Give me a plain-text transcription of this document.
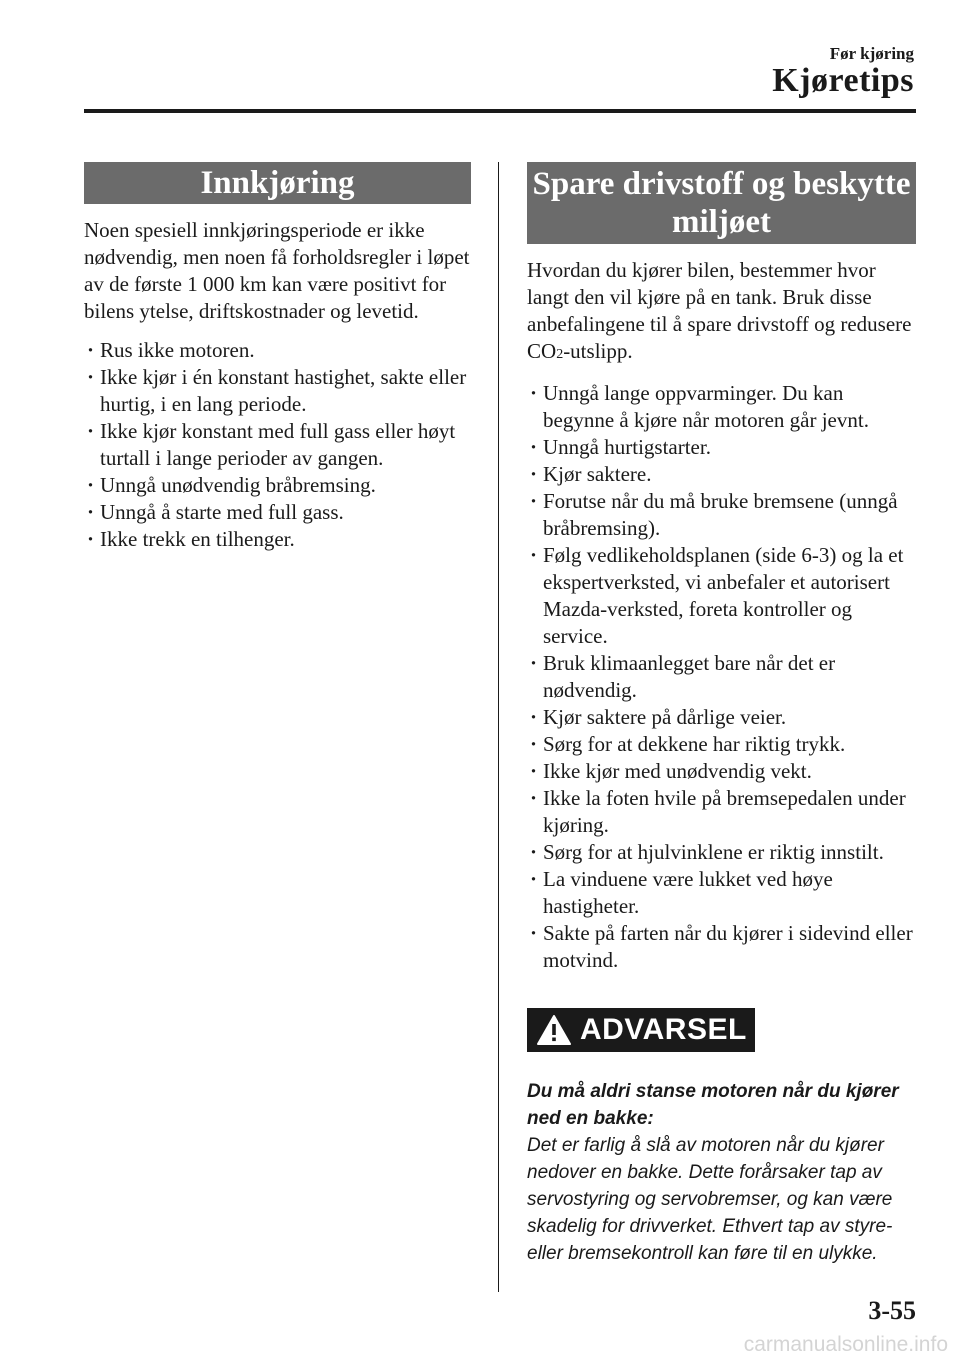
Før kjøring
Kjøretips
Innkjøring

Noen spesiell innkjøringsperiode er ikke nødvendig, men noen få forholdsregler i løpet av de første 1 000 km kan være positivt for bilens ytelse, driftskostnader og levetid.

· Rus ikke motoren.
· Ikke kjør i én konstant hastighet, sakte eller hurtig, i en lang periode.
· Ikke kjør konstant med full gass eller høyt turtall i lange perioder av gangen.
· Unngå unødvendig bråbremsing.
· Unngå å starte med full gass.
· Ikke trekk en tilhenger.
Spare drivstoff og beskytte
miljøet

Hvordan du kjører bilen, bestemmer hvor langt den vil kjøre på en tank. Bruk disse anbefalingene til å spare drivstoff og redusere CO2-utslipp.

· Unngå lange oppvarminger. Du kan begynne å kjøre når motoren går jevnt.
· Unngå hurtigstarter.
· Kjør saktere.
· Forutse når du må bruke bremsene (unngå bråbremsing).
· Følg vedlikeholdsplanen (side 6-3) og la et ekspertverksted, vi anbefaler et autorisert Mazda-verksted, foreta kontroller og service.
· Bruk klimaanlegget bare når det er nødvendig.
· Kjør saktere på dårlige veier.
· Sørg for at dekkene har riktig trykk.
· Ikke kjør med unødvendig vekt.
· Ikke la foten hvile på bremsepedalen under kjøring.
· Sørg for at hjulvinklene er riktig innstilt.
· La vinduene være lukket ved høye hastigheter.
· Sakte på farten når du kjører i sidevind eller motvind.
ADVARSEL
Du må aldri stanse motoren når du kjører ned en bakke:
Det er farlig å slå av motoren når du kjører nedover en bakke. Dette forårsaker tap av servostyring og servobremser, og kan være skadelig for drivverket. Ethvert tap av styre- eller bremsekontroll kan føre til en ulykke.
3-55
carmanualsonline.info
